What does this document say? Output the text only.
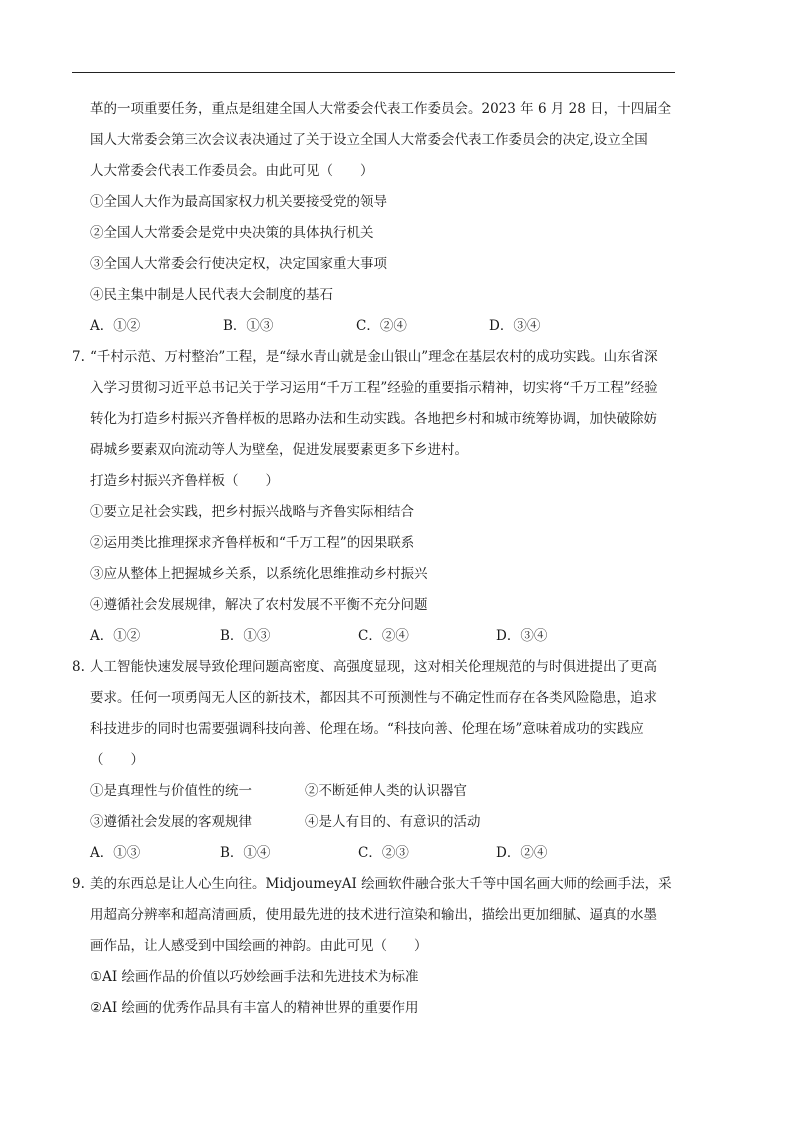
革的一项重要任务，重点是组建全国人大常委会代表工作委员会。2023 年 6 月 28 日，十四届全
国人大常委会第三次会议表决通过了关于设立全国人大常委会代表工作委员会的决定,设立全国
人大常委会代表工作委员会。由此可见（　　）
①全国人大作为最高国家权力机关要接受党的领导
②全国人大常委会是党中央决策的具体执行机关
③全国人大常委会行使决定权，决定国家重大事项
④民主集中制是人民代表大会制度的基石
A．①②	B．①③	C．②④	D．③④
7. “千村示范、万村整治”工程，是“绿水青山就是金山银山”理念在基层农村的成功实践。山东省深
入学习贯彻习近平总书记关于学习运用“千万工程”经验的重要指示精神，切实将“千万工程”经验
转化为打造乡村振兴齐鲁样板的思路办法和生动实践。各地把乡村和城市统筹协调，加快破除妨
碍城乡要素双向流动等人为壁垒，促进发展要素更多下乡进村。
打造乡村振兴齐鲁样板（　　）
①要立足社会实践，把乡村振兴战略与齐鲁实际相结合
②运用类比推理探求齐鲁样板和“千万工程”的因果联系
③应从整体上把握城乡关系，以系统化思维推动乡村振兴
④遵循社会发展规律，解决了农村发展不平衡不充分问题
A．①②	B．①③	C．②④	D．③④
8. 人工智能快速发展导致伦理问题高密度、高强度显现，这对相关伦理规范的与时俱进提出了更高
要求。任何一项勇闯无人区的新技术，都因其不可预测性与不确定性而存在各类风险隐患，追求
科技进步的同时也需要强调科技向善、伦理在场。“科技向善、伦理在场”意味着成功的实践应
（　　）
①是真理性与价值性的统一	②不断延伸人类的认识器官
③遵循社会发展的客观规律	④是人有目的、有意识的活动
A．①③	B．①④	C．②③	D．②④
9. 美的东西总是让人心生向往。MidjoumeyAI 绘画软件融合张大千等中国名画大师的绘画手法，采
用超高分辨率和超高清画质，使用最先进的技术进行渲染和输出，描绘出更加细腻、逼真的水墨
画作品，让人感受到中国绘画的神韵。由此可见（　　）
①AI 绘画作品的价值以巧妙绘画手法和先进技术为标准
②AI 绘画的优秀作品具有丰富人的精神世界的重要作用
